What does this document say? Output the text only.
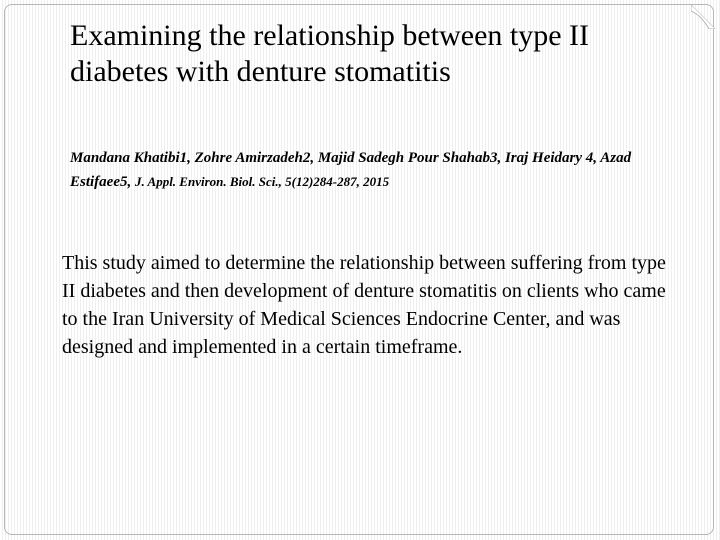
Examining the relationship between type II diabetes with denture stomatitis

Mandana Khatibi1, Zohre Amirzadeh2, Majid Sadegh Pour Shahab3, Iraj Heidary 4, Azad Estifaee5, J. Appl. Environ. Biol. Sci., 5(12)284-287, 2015

This study aimed to determine the relationship between suffering from type II diabetes and then development of denture stomatitis on clients who came to the Iran University of Medical Sciences Endocrine Center, and was designed and implemented in a certain timeframe.
